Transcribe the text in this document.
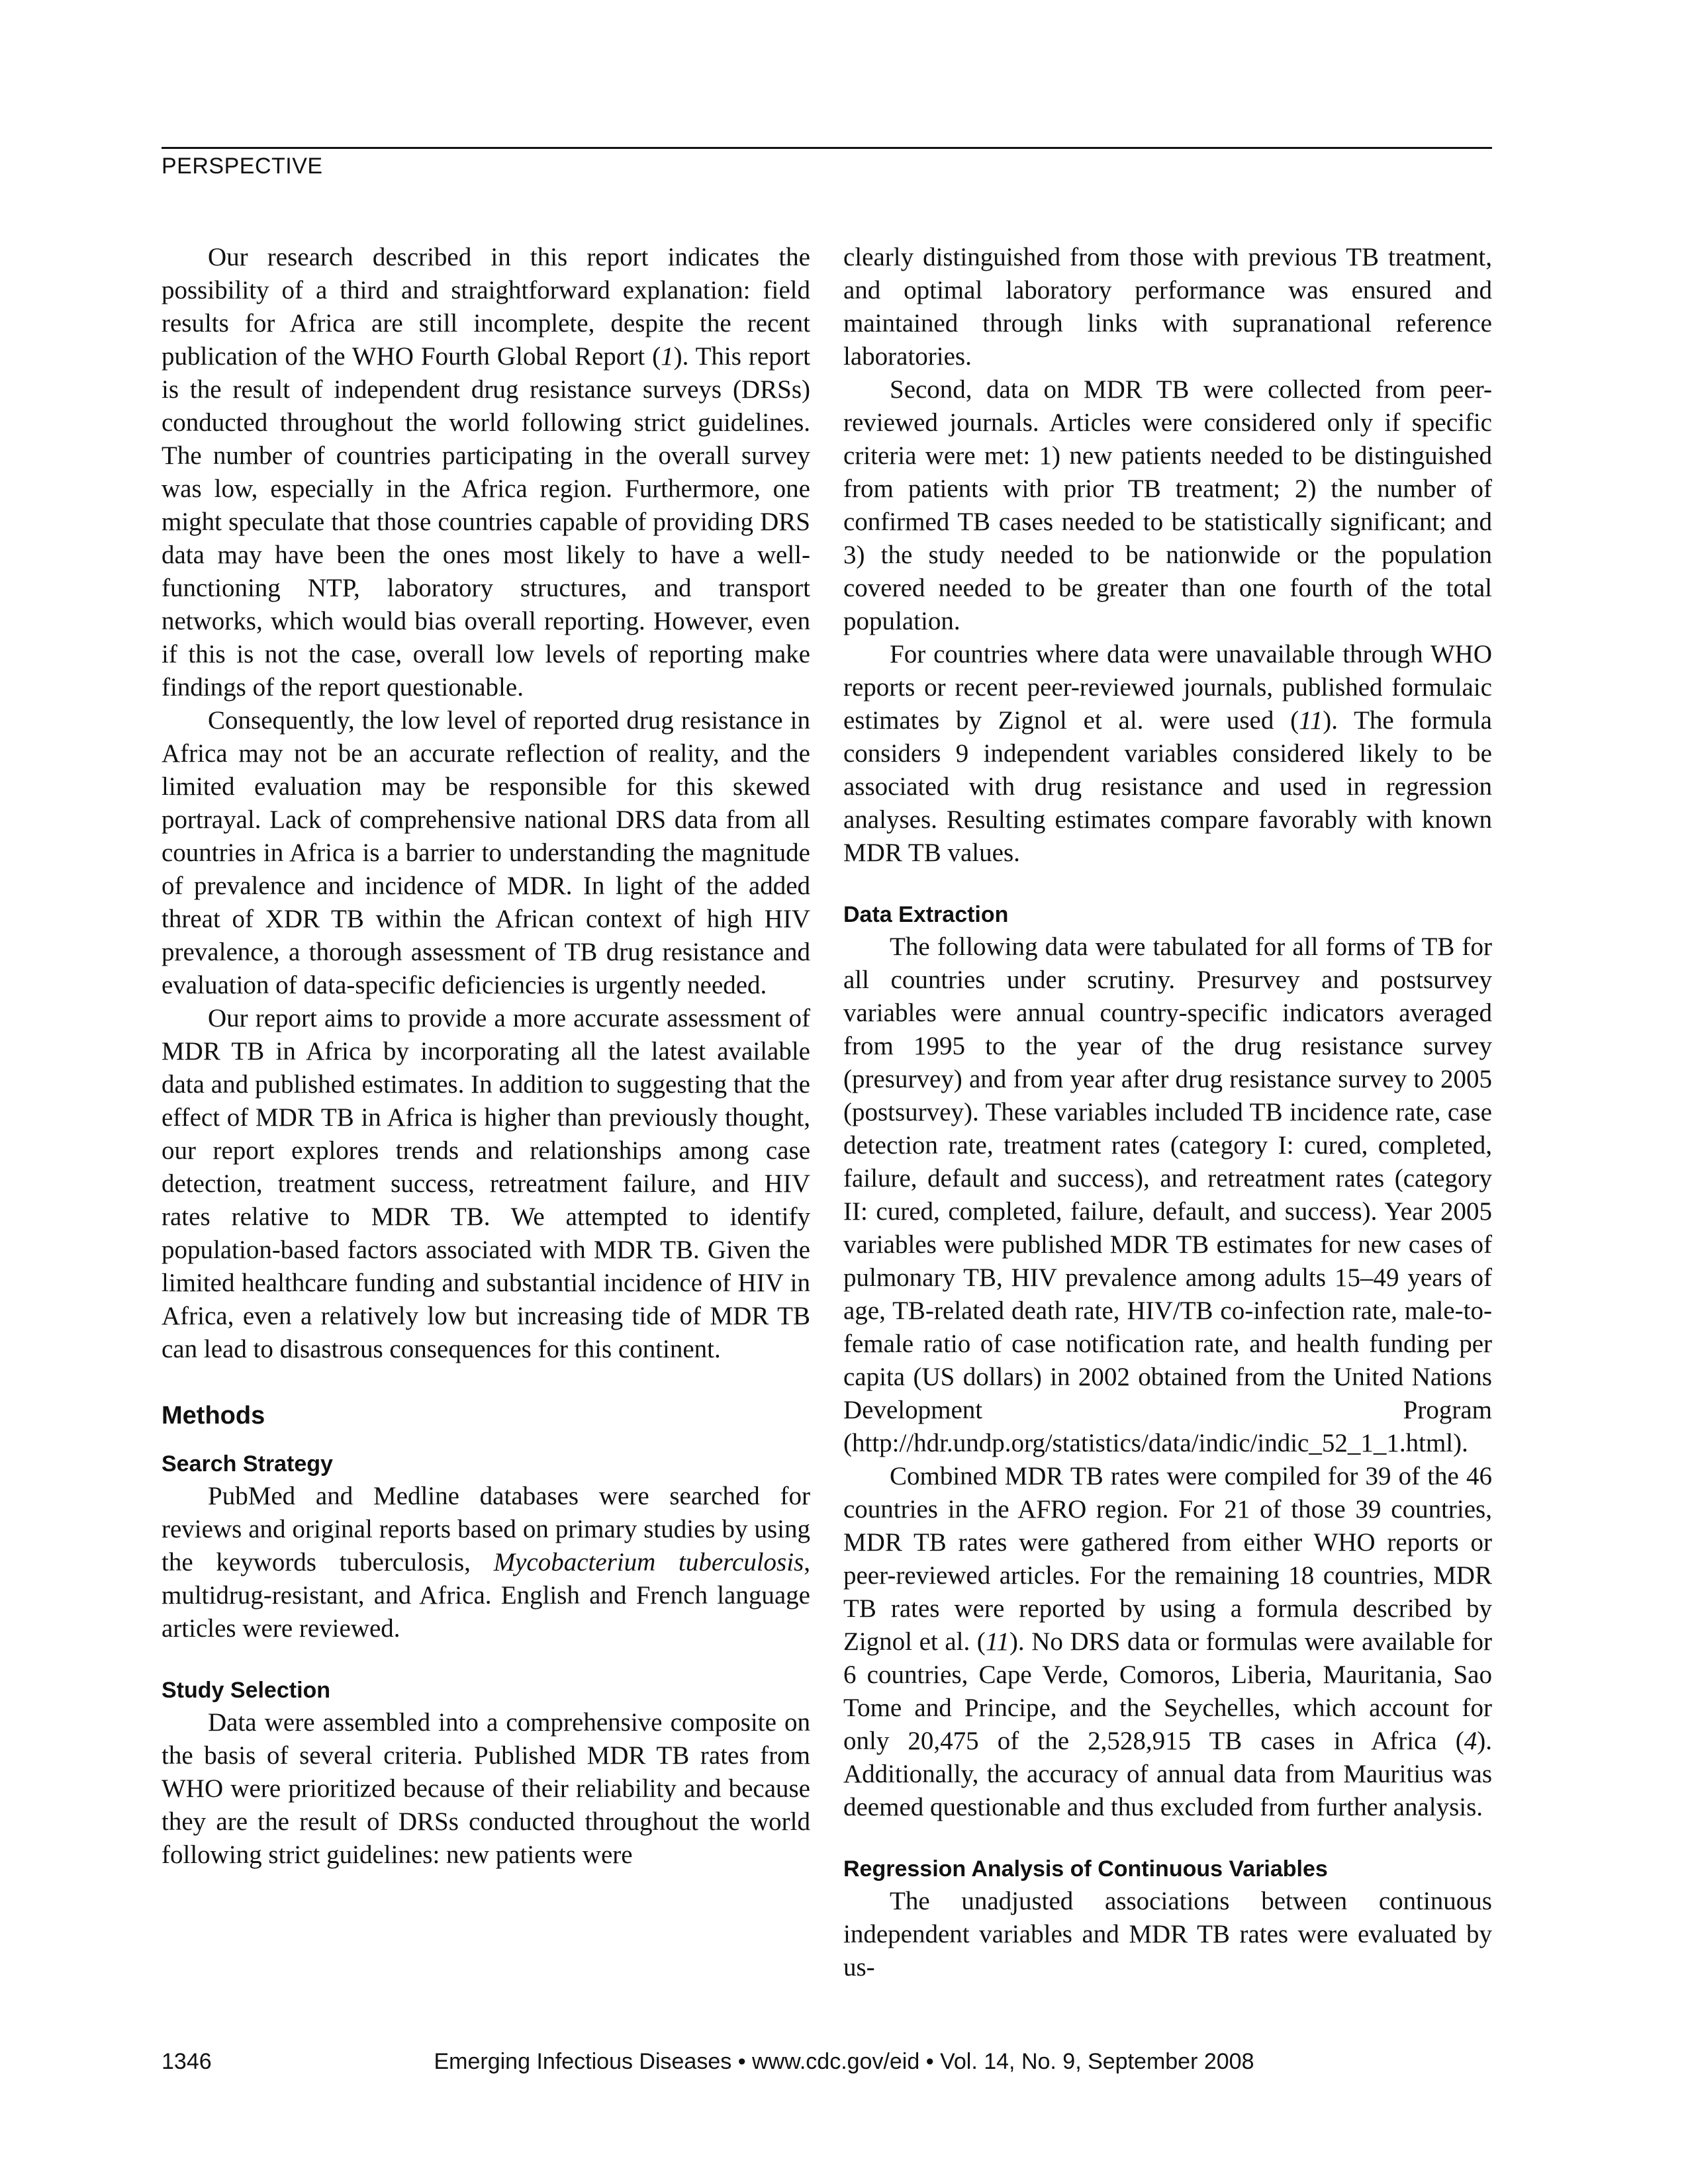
PERSPECTIVE

Our research described in this report indicates the possibility of a third and straightforward explanation: field results for Africa are still incomplete, despite the recent publication of the WHO Fourth Global Report (1). This report is the result of independent drug resistance surveys (DRSs) conducted throughout the world following strict guidelines. The number of countries participating in the overall survey was low, especially in the Africa region. Furthermore, one might speculate that those countries capable of providing DRS data may have been the ones most likely to have a well-functioning NTP, laboratory structures, and transport networks, which would bias overall reporting. However, even if this is not the case, overall low levels of reporting make findings of the report questionable.

Consequently, the low level of reported drug resistance in Africa may not be an accurate reflection of reality, and the limited evaluation may be responsible for this skewed portrayal. Lack of comprehensive national DRS data from all countries in Africa is a barrier to understanding the magnitude of prevalence and incidence of MDR. In light of the added threat of XDR TB within the African context of high HIV prevalence, a thorough assessment of TB drug resistance and evaluation of data-specific deficiencies is urgently needed.

Our report aims to provide a more accurate assessment of MDR TB in Africa by incorporating all the latest available data and published estimates. In addition to suggesting that the effect of MDR TB in Africa is higher than previously thought, our report explores trends and relationships among case detection, treatment success, retreatment failure, and HIV rates relative to MDR TB. We attempted to identify population-based factors associated with MDR TB. Given the limited healthcare funding and substantial incidence of HIV in Africa, even a relatively low but increasing tide of MDR TB can lead to disastrous consequences for this continent.

Methods
Search Strategy

PubMed and Medline databases were searched for reviews and original reports based on primary studies by using the keywords tuberculosis, Mycobacterium tuberculosis, multidrug-resistant, and Africa. English and French language articles were reviewed.

Study Selection

Data were assembled into a comprehensive composite on the basis of several criteria. Published MDR TB rates from WHO were prioritized because of their reliability and because they are the result of DRSs conducted throughout the world following strict guidelines: new patients were

clearly distinguished from those with previous TB treatment, and optimal laboratory performance was ensured and maintained through links with supranational reference laboratories.

Second, data on MDR TB were collected from peer-reviewed journals. Articles were considered only if specific criteria were met: 1) new patients needed to be distinguished from patients with prior TB treatment; 2) the number of confirmed TB cases needed to be statistically significant; and 3) the study needed to be nationwide or the population covered needed to be greater than one fourth of the total population.

For countries where data were unavailable through WHO reports or recent peer-reviewed journals, published formulaic estimates by Zignol et al. were used (11). The formula considers 9 independent variables considered likely to be associated with drug resistance and used in regression analyses. Resulting estimates compare favorably with known MDR TB values.

Data Extraction

The following data were tabulated for all forms of TB for all countries under scrutiny. Presurvey and postsurvey variables were annual country-specific indicators averaged from 1995 to the year of the drug resistance survey (presurvey) and from year after drug resistance survey to 2005 (postsurvey). These variables included TB incidence rate, case detection rate, treatment rates (category I: cured, completed, failure, default and success), and retreatment rates (category II: cured, completed, failure, default, and success). Year 2005 variables were published MDR TB estimates for new cases of pulmonary TB, HIV prevalence among adults 15–49 years of age, TB-related death rate, HIV/TB co-infection rate, male-to-female ratio of case notification rate, and health funding per capita (US dollars) in 2002 obtained from the United Nations Development Program (http://hdr.undp.org/statistics/data/indic/indic_52_1_1.html).

Combined MDR TB rates were compiled for 39 of the 46 countries in the AFRO region. For 21 of those 39 countries, MDR TB rates were gathered from either WHO reports or peer-reviewed articles. For the remaining 18 countries, MDR TB rates were reported by using a formula described by Zignol et al. (11). No DRS data or formulas were available for 6 countries, Cape Verde, Comoros, Liberia, Mauritania, Sao Tome and Principe, and the Seychelles, which account for only 20,475 of the 2,528,915 TB cases in Africa (4). Additionally, the accuracy of annual data from Mauritius was deemed questionable and thus excluded from further analysis.

Regression Analysis of Continuous Variables

The unadjusted associations between continuous independent variables and MDR TB rates were evaluated by us-

1346	Emerging Infectious Diseases • www.cdc.gov/eid • Vol. 14, No. 9, September 2008
